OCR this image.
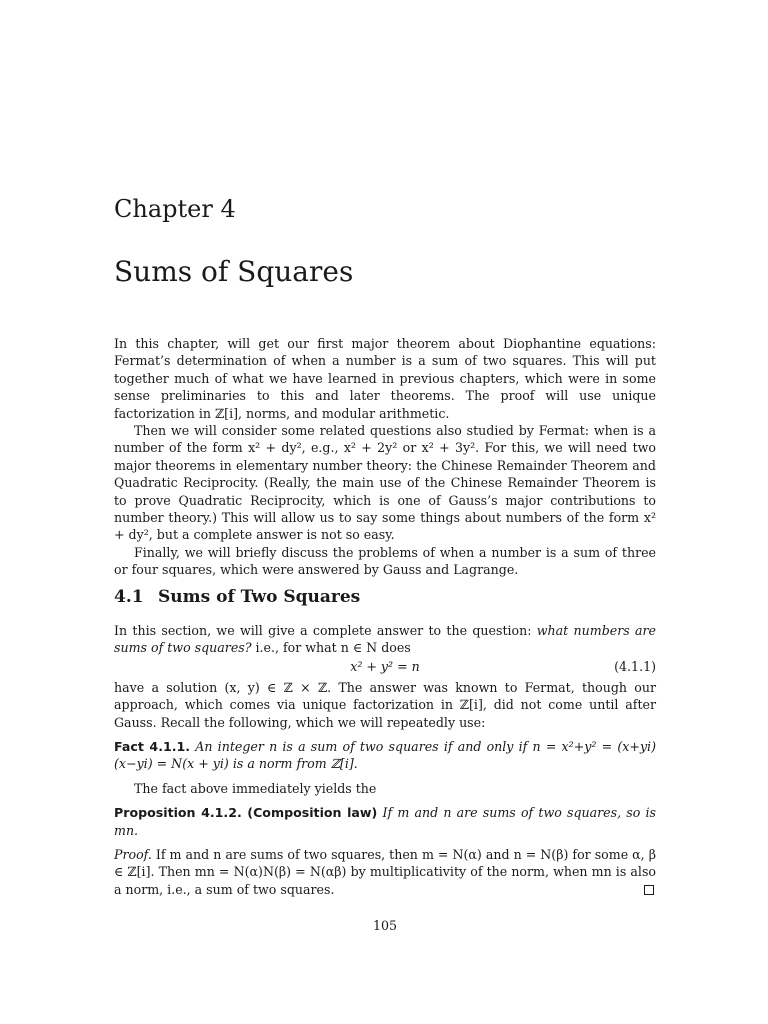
Chapter 4
Sums of Squares

In this chapter, will get our first major theorem about Diophantine equations: Fermat’s determination of when a number is a sum of two squares. This will put together much of what we have learned in previous chapters, which were in some sense preliminaries to this and later theorems. The proof will use unique factorization in ℤ[i], norms, and modular arithmetic.

Then we will consider some related questions also studied by Fermat: when is a number of the form x² + dy², e.g., x² + 2y² or x² + 3y². For this, we will need two major theorems in elementary number theory: the Chinese Remainder Theorem and Quadratic Reciprocity. (Really, the main use of the Chinese Remainder Theorem is to prove Quadratic Reciprocity, which is one of Gauss’s major contributions to number theory.) This will allow us to say some things about numbers of the form x² + dy², but a complete answer is not so easy.

Finally, we will briefly discuss the problems of when a number is a sum of three or four squares, which were answered by Gauss and Lagrange.

4.1 Sums of Two Squares

In this section, we will give a complete answer to the question: what numbers are sums of two squares? i.e., for what n ∈ N does

x² + y² = n	(4.1.1)

have a solution (x, y) ∈ ℤ × ℤ. The answer was known to Fermat, though our approach, which comes via unique factorization in ℤ[i], did not come until after Gauss. Recall the following, which we will repeatedly use:

Fact 4.1.1. An integer n is a sum of two squares if and only if n = x²+y² = (x+yi)(x−yi) = N(x + yi) is a norm from ℤ[i].

The fact above immediately yields the

Proposition 4.1.2. (Composition law) If m and n are sums of two squares, so is mn.

Proof. If m and n are sums of two squares, then m = N(α) and n = N(β) for some α, β ∈ ℤ[i]. Then mn = N(α)N(β) = N(αβ) by multiplicativity of the norm, when mn is also a norm, i.e., a sum of two squares.

105
